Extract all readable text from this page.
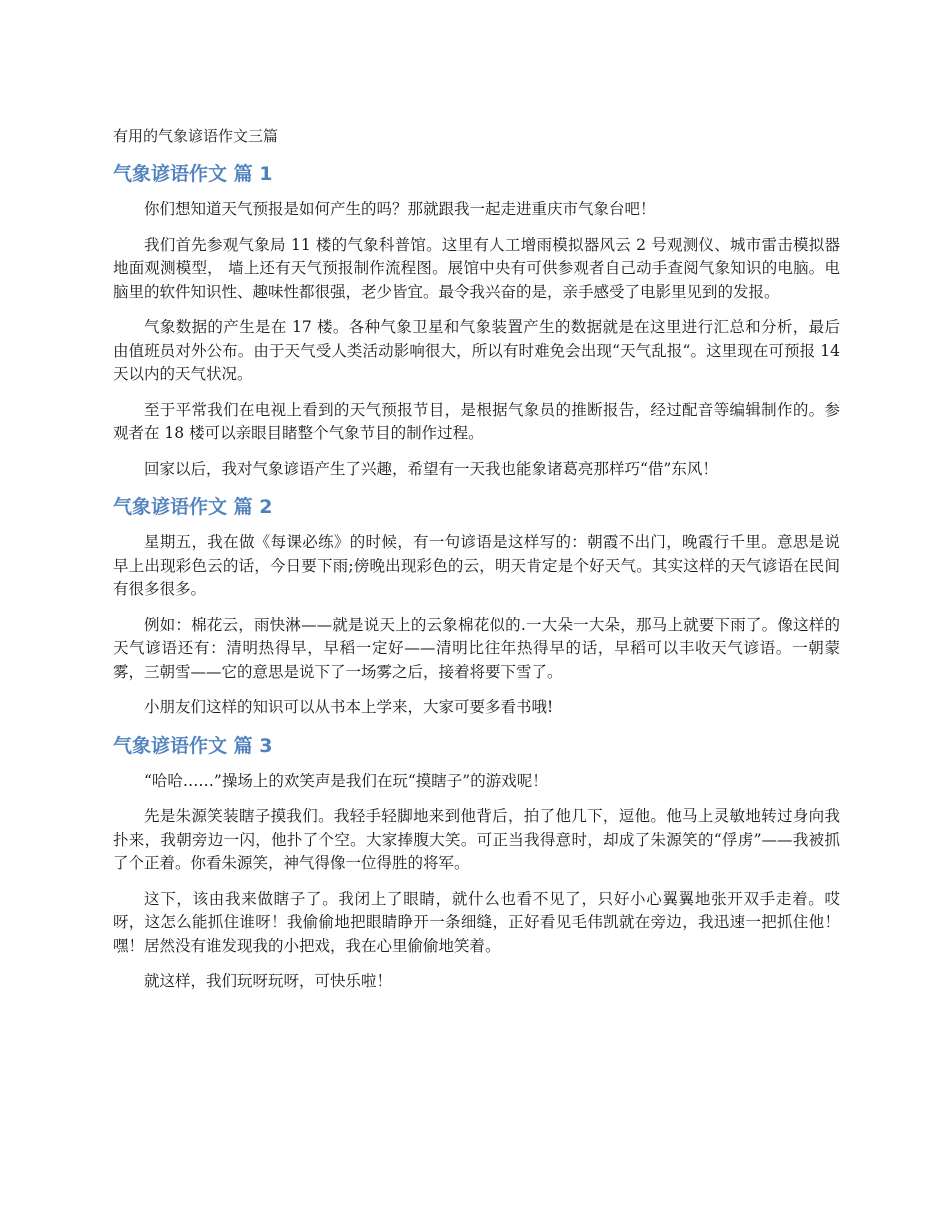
有用的气象谚语作文三篇
气象谚语作文 篇 1

你们想知道天气预报是如何产生的吗？那就跟我一起走进重庆市气象台吧！

我们首先参观气象局 11 楼的气象科普馆。这里有人工增雨模拟器风云 2 号观测仪、城市雷击模拟器地面观测模型， 墙上还有天气预报制作流程图。展馆中央有可供参观者自己动手查阅气象知识的电脑。电脑里的软件知识性、趣味性都很强，老少皆宜。最令我兴奋的是，亲手感受了电影里见到的发报。

气象数据的产生是在 17 楼。各种气象卫星和气象装置产生的数据就是在这里进行汇总和分析，最后由值班员对外公布。由于天气受人类活动影响很大，所以有时难免会出现“天气乱报“。这里现在可预报 14 天以内的天气状况。

至于平常我们在电视上看到的天气预报节目，是根据气象员的推断报告，经过配音等编辑制作的。参观者在 18 楼可以亲眼目睹整个气象节目的制作过程。

回家以后，我对气象谚语产生了兴趣，希望有一天我也能象诸葛亮那样巧“借”东风！

气象谚语作文 篇 2

星期五，我在做《每课必练》的时候，有一句谚语是这样写的：朝霞不出门，晚霞行千里。意思是说早上出现彩色云的话，今日要下雨;傍晚出现彩色的云，明天肯定是个好天气。其实这样的天气谚语在民间有很多很多。

例如：棉花云，雨快淋——就是说天上的云象棉花似的.一大朵一大朵，那马上就要下雨了。像这样的天气谚语还有：清明热得早，早稻一定好——清明比往年热得早的话，早稻可以丰收天气谚语。一朝蒙雾，三朝雪——它的意思是说下了一场雾之后，接着将要下雪了。

小朋友们这样的知识可以从书本上学来，大家可要多看书哦!

气象谚语作文 篇 3

“哈哈……”操场上的欢笑声是我们在玩“摸瞎子”的游戏呢！

先是朱源笑装瞎子摸我们。我轻手轻脚地来到他背后，拍了他几下，逗他。他马上灵敏地转过身向我扑来，我朝旁边一闪，他扑了个空。大家捧腹大笑。可正当我得意时，却成了朱源笑的“俘虏”——我被抓了个正着。你看朱源笑，神气得像一位得胜的将军。

这下，该由我来做瞎子了。我闭上了眼睛，就什么也看不见了，只好小心翼翼地张开双手走着。哎呀，这怎么能抓住谁呀！我偷偷地把眼睛睁开一条细缝，正好看见毛伟凯就在旁边，我迅速一把抓住他！嘿！居然没有谁发现我的小把戏，我在心里偷偷地笑着。

就这样，我们玩呀玩呀，可快乐啦！
